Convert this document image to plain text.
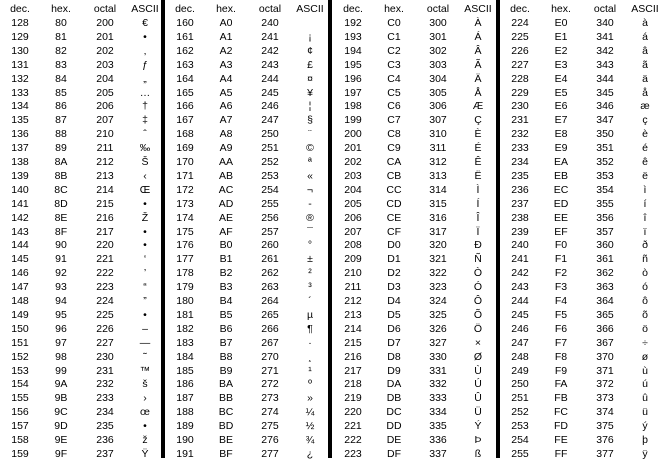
dec.	hex.	octal	ASCII
128	80	200	€
129	81	201	•
130	82	202	‚
131	83	203	ƒ
132	84	204	„
133	85	205	…
134	86	206	†
135	87	207	‡
136	88	210	ˆ
137	89	211	‰
138	8A	212	Š
139	8B	213	‹
140	8C	214	Œ
141	8D	215	•
142	8E	216	Ž
143	8F	217	•
144	90	220	•
145	91	221	‘
146	92	222	’
147	93	223	“
148	94	224	”
149	95	225	•
150	96	226	–
151	97	227	—
152	98	230	˜
153	99	231	™
154	9A	232	š
155	9B	233	›
156	9C	234	œ
157	9D	235	•
158	9E	236	ž
159	9F	237	Ÿ
dec.	hex.	octal	ASCII
160	A0	240
161	A1	241	¡
162	A2	242	¢
163	A3	243	£
164	A4	244	¤
165	A5	245	¥
166	A6	246	¦
167	A7	247	§
168	A8	250	¨
169	A9	251	©
170	AA	252	ª
171	AB	253	«
172	AC	254	¬
173	AD	255	-
174	AE	256	®
175	AF	257	¯
176	B0	260	°
177	B1	261	±
178	B2	262	²
179	B3	263	³
180	B4	264	´
181	B5	265	µ
182	B6	266	¶
183	B7	267	·
184	B8	270	¸
185	B9	271	¹
186	BA	272	º
187	BB	273	»
188	BC	274	¼
189	BD	275	½
190	BE	276	¾
191	BF	277	¿
dec.	hex.	octal	ASCII
192	C0	300	À
193	C1	301	Á
194	C2	302	Â
195	C3	303	Ã
196	C4	304	Ä
197	C5	305	Å
198	C6	306	Æ
199	C7	307	Ç
200	C8	310	È
201	C9	311	É
202	CA	312	Ê
203	CB	313	Ë
204	CC	314	Ì
205	CD	315	Í
206	CE	316	Î
207	CF	317	Ï
208	D0	320	Ð
209	D1	321	Ñ
210	D2	322	Ò
211	D3	323	Ó
212	D4	324	Ô
213	D5	325	Õ
214	D6	326	Ö
215	D7	327	×
216	D8	330	Ø
217	D9	331	Ù
218	DA	332	Ú
219	DB	333	Û
220	DC	334	Ü
221	DD	335	Ý
222	DE	336	Þ
223	DF	337	ß
dec.	hex.	octal	ASCII
224	E0	340	à
225	E1	341	á
226	E2	342	â
227	E3	343	ã
228	E4	344	ä
229	E5	345	å
230	E6	346	æ
231	E7	347	ç
232	E8	350	è
233	E9	351	é
234	EA	352	ê
235	EB	353	ë
236	EC	354	ì
237	ED	355	í
238	EE	356	î
239	EF	357	ï
240	F0	360	ð
241	F1	361	ñ
242	F2	362	ò
243	F3	363	ó
244	F4	364	ô
245	F5	365	õ
246	F6	366	ö
247	F7	367	÷
248	F8	370	ø
249	F9	371	ù
250	FA	372	ú
251	FB	373	û
252	FC	374	ü
253	FD	375	ý
254	FE	376	þ
255	FF	377	ÿ
